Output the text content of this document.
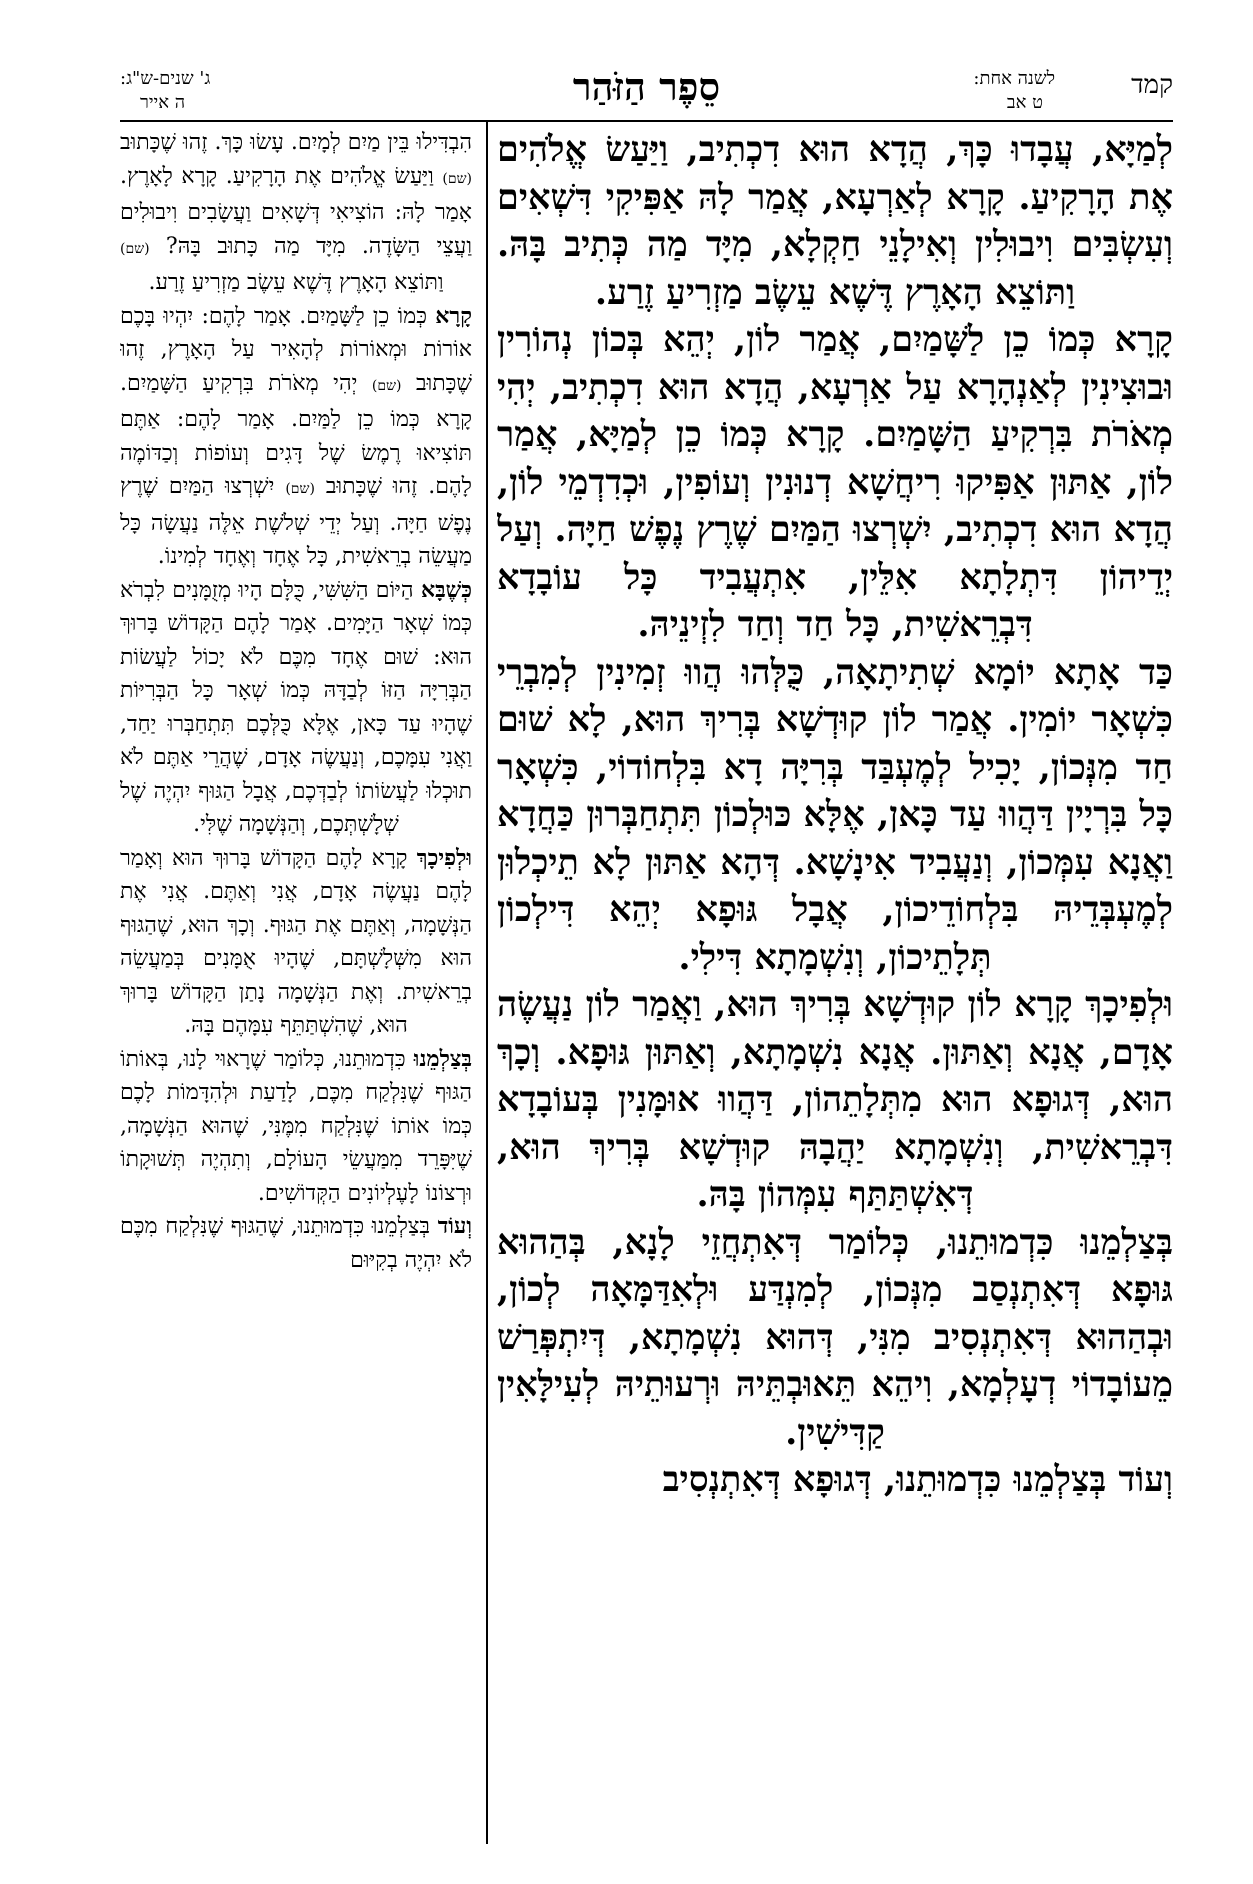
קמד
לשנה אחת:
ט אב
סֵפֶר הַזֹּהַר
ג' שנים-ש"ג:
ה אייר

לְמַיָּא, עֲבָדוּ כָּךְ, הֲדָא הוּא דִכְתִיב, וַיַּעַשׂ אֱלֹהִים אֶת הָרָקִיעַ. קָרָא לְאַרְעָא, אֲמַר לָהּ אַפִּיקִי דִּשְׁאִים וְעִשְׂבִּים וִיבוּלִין וְאִילָנֵי חַקְלָא, מִיָּד מַה כְּתִיב בָּהּ. וַתּוֹצֵא הָאָרֶץ דֶּשֶׁא עֵשֶׂב מַזְרִיעַ זֶרַע.

קָרָא כְּמוֹ כֵן לַשָּׁמַיִם, אֲמַר לוֹן, יְהֵא בְּכוֹן נְהוֹרִין וּבוּצִינִין לְאַנְהָרָא עַל אַרְעָא, הֲדָא הוּא דִכְתִיב, יְהִי מְאֹרֹת בִּרְקִיעַ הַשָּׁמַיִם. קָרָא כְּמוֹ כֵן לְמַיָּא, אֲמַר לוֹן, אַתּוּן אַפִּיקוּ רִיחֲשָׁא דְנוּנִין וְעוֹפִין, וּכְדִדְמֵי לוֹן, הֲדָא הוּא דִכְתִיב, יִשְׁרְצוּ הַמַּיִם שֶׁרֶץ נֶפֶשׁ חַיָּה. וְעַל יְדֵיהוֹן דִּתְלָתָא אִלֵּין, אִתְעֲבִיד כָּל עוֹבָדָא דִּבְרֵאשִׁית, כָּל חַד וְחַד לִזְינֵיהּ.

כַּד אָתָא יוֹמָא שְׁתִיתָאָה, כֻּלְּהוּ הֲווּ זְמִינִין לְמִבְרֵי כִּשְׁאָר יוֹמִין. אֲמַר לוֹן קוּדְשָׁא בְּרִיךְ הוּא, לָא שׁוּם חַד מִנְּכוֹן, יָכִיל לְמֶעְבַּד בְּרִיָּה דָא בִּלְחוֹדוֹי, כִּשְׁאָר כָּל בִּרְיָין דַּהֲווּ עַד כָּאן, אֶלָּא כּוּלְכוֹן תִּתְחַבְּרוּן כַּחֲדָא וַאֲנָא עִמְּכוֹן, וְנַעֲבִיד אִינָשָׁא. דְּהָא אַתּוּן לָא תֵיכְלוּן לְמֶעְבְּדֵיהּ בִּלְחוֹדֵיכוֹן, אֲבָל גּוּפָא יְהֵא דִּילְכוֹן תְּלָתֵיכוֹן, וְנִשְׁמָתָא דִּילִי.

וּלְפִיכָךְ קָרָא לוֹן קוּדְשָׁא בְּרִיךְ הוּא, וַאֲמַר לוֹן נַעֲשֶׂה אָדָם, אֲנָא וְאַתּוּן. אֲנָא נִשְׁמָתָא, וְאַתּוּן גּוּפָא. וְכָךְ הוּא, דְּגוּפָא הוּא מִתְּלָתֵהוֹן, דַּהֲווּ אוּמָּנִין בְּעוֹבָדָא דִּבְרֵאשִׁית, וְנִשְׁמָתָא יַהֲבָהּ קוּדְשָׁא בְּרִיךְ הוּא, דְּאִשְׁתַּתַּף עִמְּהוֹן בָּהּ.

בְּצַלְמֵנוּ כִּדְמוּתֵנוּ, כְּלוֹמַר דְּאִתְחֲזֵי לָנָא, בְּהַהוּא גּוּפָא דְּאִתְנְסַב מִנְּכוֹן, לְמִנְדַּע וּלְאִדַּמָּאָה לְכוֹן, וּבְהַהוּא דְּאִתְנְסִיב מִנִּי, דְּהוּא נִשְׁמָתָא, דְּיִתְפְּרַשׁ מֵעוֹבָדוֹי דְעָלְמָא, וִיהֵא תֵּאוּבְתֵּיהּ וּרְעוּתֵיהּ לְעִילָּאִין קַדִּישִׁין.

וְעוֹד בְּצַלְמֵנוּ כִּדְמוּתֵנוּ, דְּגוּפָא דְּאִתְנְסִיב

הִבְדִּילוּ בֵּין מַיִם לְמָיִם. עָשׂוּ כָּךְ. זֶהוּ שֶׁכָּתוּב (שם) וַיַּעַשׂ אֱלֹהִים אֶת הָרָקִיעַ. קָרָא לָאָרֶץ. אָמַר לָהּ: הוֹצִיאִי דְּשָׁאִים וַעֲשָׂבִים וִיבוּלִים וַעֲצֵי הַשָּׂדֶה. מִיָּד מַה כָּתוּב בָּהּ? (שם) וַתּוֹצֵא הָאָרֶץ דֶּשֶׁא עֵשֶׂב מַזְרִיעַ זֶרַע.

קָרָא כְּמוֹ כֵן לַשָּׁמַיִם. אָמַר לָהֶם: יִהְיוּ בָּכֶם אוֹרוֹת וּמְאוֹרוֹת לְהָאִיר עַל הָאָרֶץ, זֶהוּ שֶׁכָּתוּב (שם) יְהִי מְאֹרֹת בִּרְקִיעַ הַשָּׁמַיִם. קָרָא כְּמוֹ כֵן לַמַּיִם. אָמַר לָהֶם: אַתֶּם תּוֹצִיאוּ רֶמֶשׂ שֶׁל דָּגִים וְעוֹפוֹת וְכַדּוֹמֶה לָהֶם. זֶהוּ שֶׁכָּתוּב (שם) יִשְׁרְצוּ הַמַּיִם שֶׁרֶץ נֶפֶשׁ חַיָּה. וְעַל יְדֵי שְׁלֹשֶׁת אֵלֶּה נַעֲשָׂה כָּל מַעֲשֵׂה בְרֵאשִׁית, כָּל אֶחָד וְאֶחָד לְמִינוֹ.

כְּשֶׁבָּא הַיּוֹם הַשִּׁשִּׁי, כֻּלָּם הָיוּ מְזֻמָּנִים לִבְרֹא כְּמוֹ שְׁאָר הַיָּמִים. אָמַר לָהֶם הַקָּדוֹשׁ בָּרוּךְ הוּא: שׁוּם אֶחָד מִכֶּם לֹא יָכוֹל לַעֲשׂוֹת הַבְּרִיָּה הַזּוֹ לְבַדָּהּ כְּמוֹ שְׁאָר כָּל הַבְּרִיּוֹת שֶׁהָיוּ עַד כָּאן, אֶלָּא כֻּלְּכֶם תִּתְחַבְּרוּ יַחַד, וַאֲנִי עִמָּכֶם, וְנַעֲשֶׂה אָדָם, שֶׁהֲרֵי אַתֶּם לֹא תוּכְלוּ לַעֲשׂוֹתוֹ לְבַדְּכֶם, אֲבָל הַגּוּף יִהְיֶה שֶׁל שְׁלָשְׁתְּכֶם, וְהַנְּשָׁמָה שֶׁלִּי.

וּלְפִיכָךְ קָרָא לָהֶם הַקָּדוֹשׁ בָּרוּךְ הוּא וְאָמַר לָהֶם נַעֲשֶׂה אָדָם, אֲנִי וְאַתֶּם. אֲנִי אֶת הַנְּשָׁמָה, וְאַתֶּם אֶת הַגּוּף. וְכָךְ הוּא, שֶׁהַגּוּף הוּא מִשְּׁלָשְׁתָּם, שֶׁהָיוּ אֻמָּנִים בְּמַעֲשֵׂה בְרֵאשִׁית. וְאֶת הַנְּשָׁמָה נָתַן הַקָּדוֹשׁ בָּרוּךְ הוּא, שֶׁהִשְׁתַּתֵּף עִמָּהֶם בָּהּ.

בְּצַלְמֵנוּ כִּדְמוּתֵנוּ, כְּלוֹמַר שֶׁרָאוּי לָנוּ, בְּאוֹתוֹ הַגּוּף שֶׁנִּלְקַח מִכֶּם, לָדַעַת וּלְהִדָּמוֹת לָכֶם כְּמוֹ אוֹתוֹ שֶׁנִּלְקַח מִמֶּנִּי, שֶׁהוּא הַנְּשָׁמָה, שֶׁיִּפָּרֵד מִמַּעֲשֵׂי הָעוֹלָם, וְתִהְיֶה תְּשׁוּקָתוֹ וּרְצוֹנוֹ לָעֶלְיוֹנִים הַקְּדוֹשִׁים.

וְעוֹד בְּצַלְמֵנוּ כִּדְמוּתֵנוּ, שֶׁהַגּוּף שֶׁנִּלְקַח מִכֶּם לֹא יִהְיֶה בְקִיּוּם
